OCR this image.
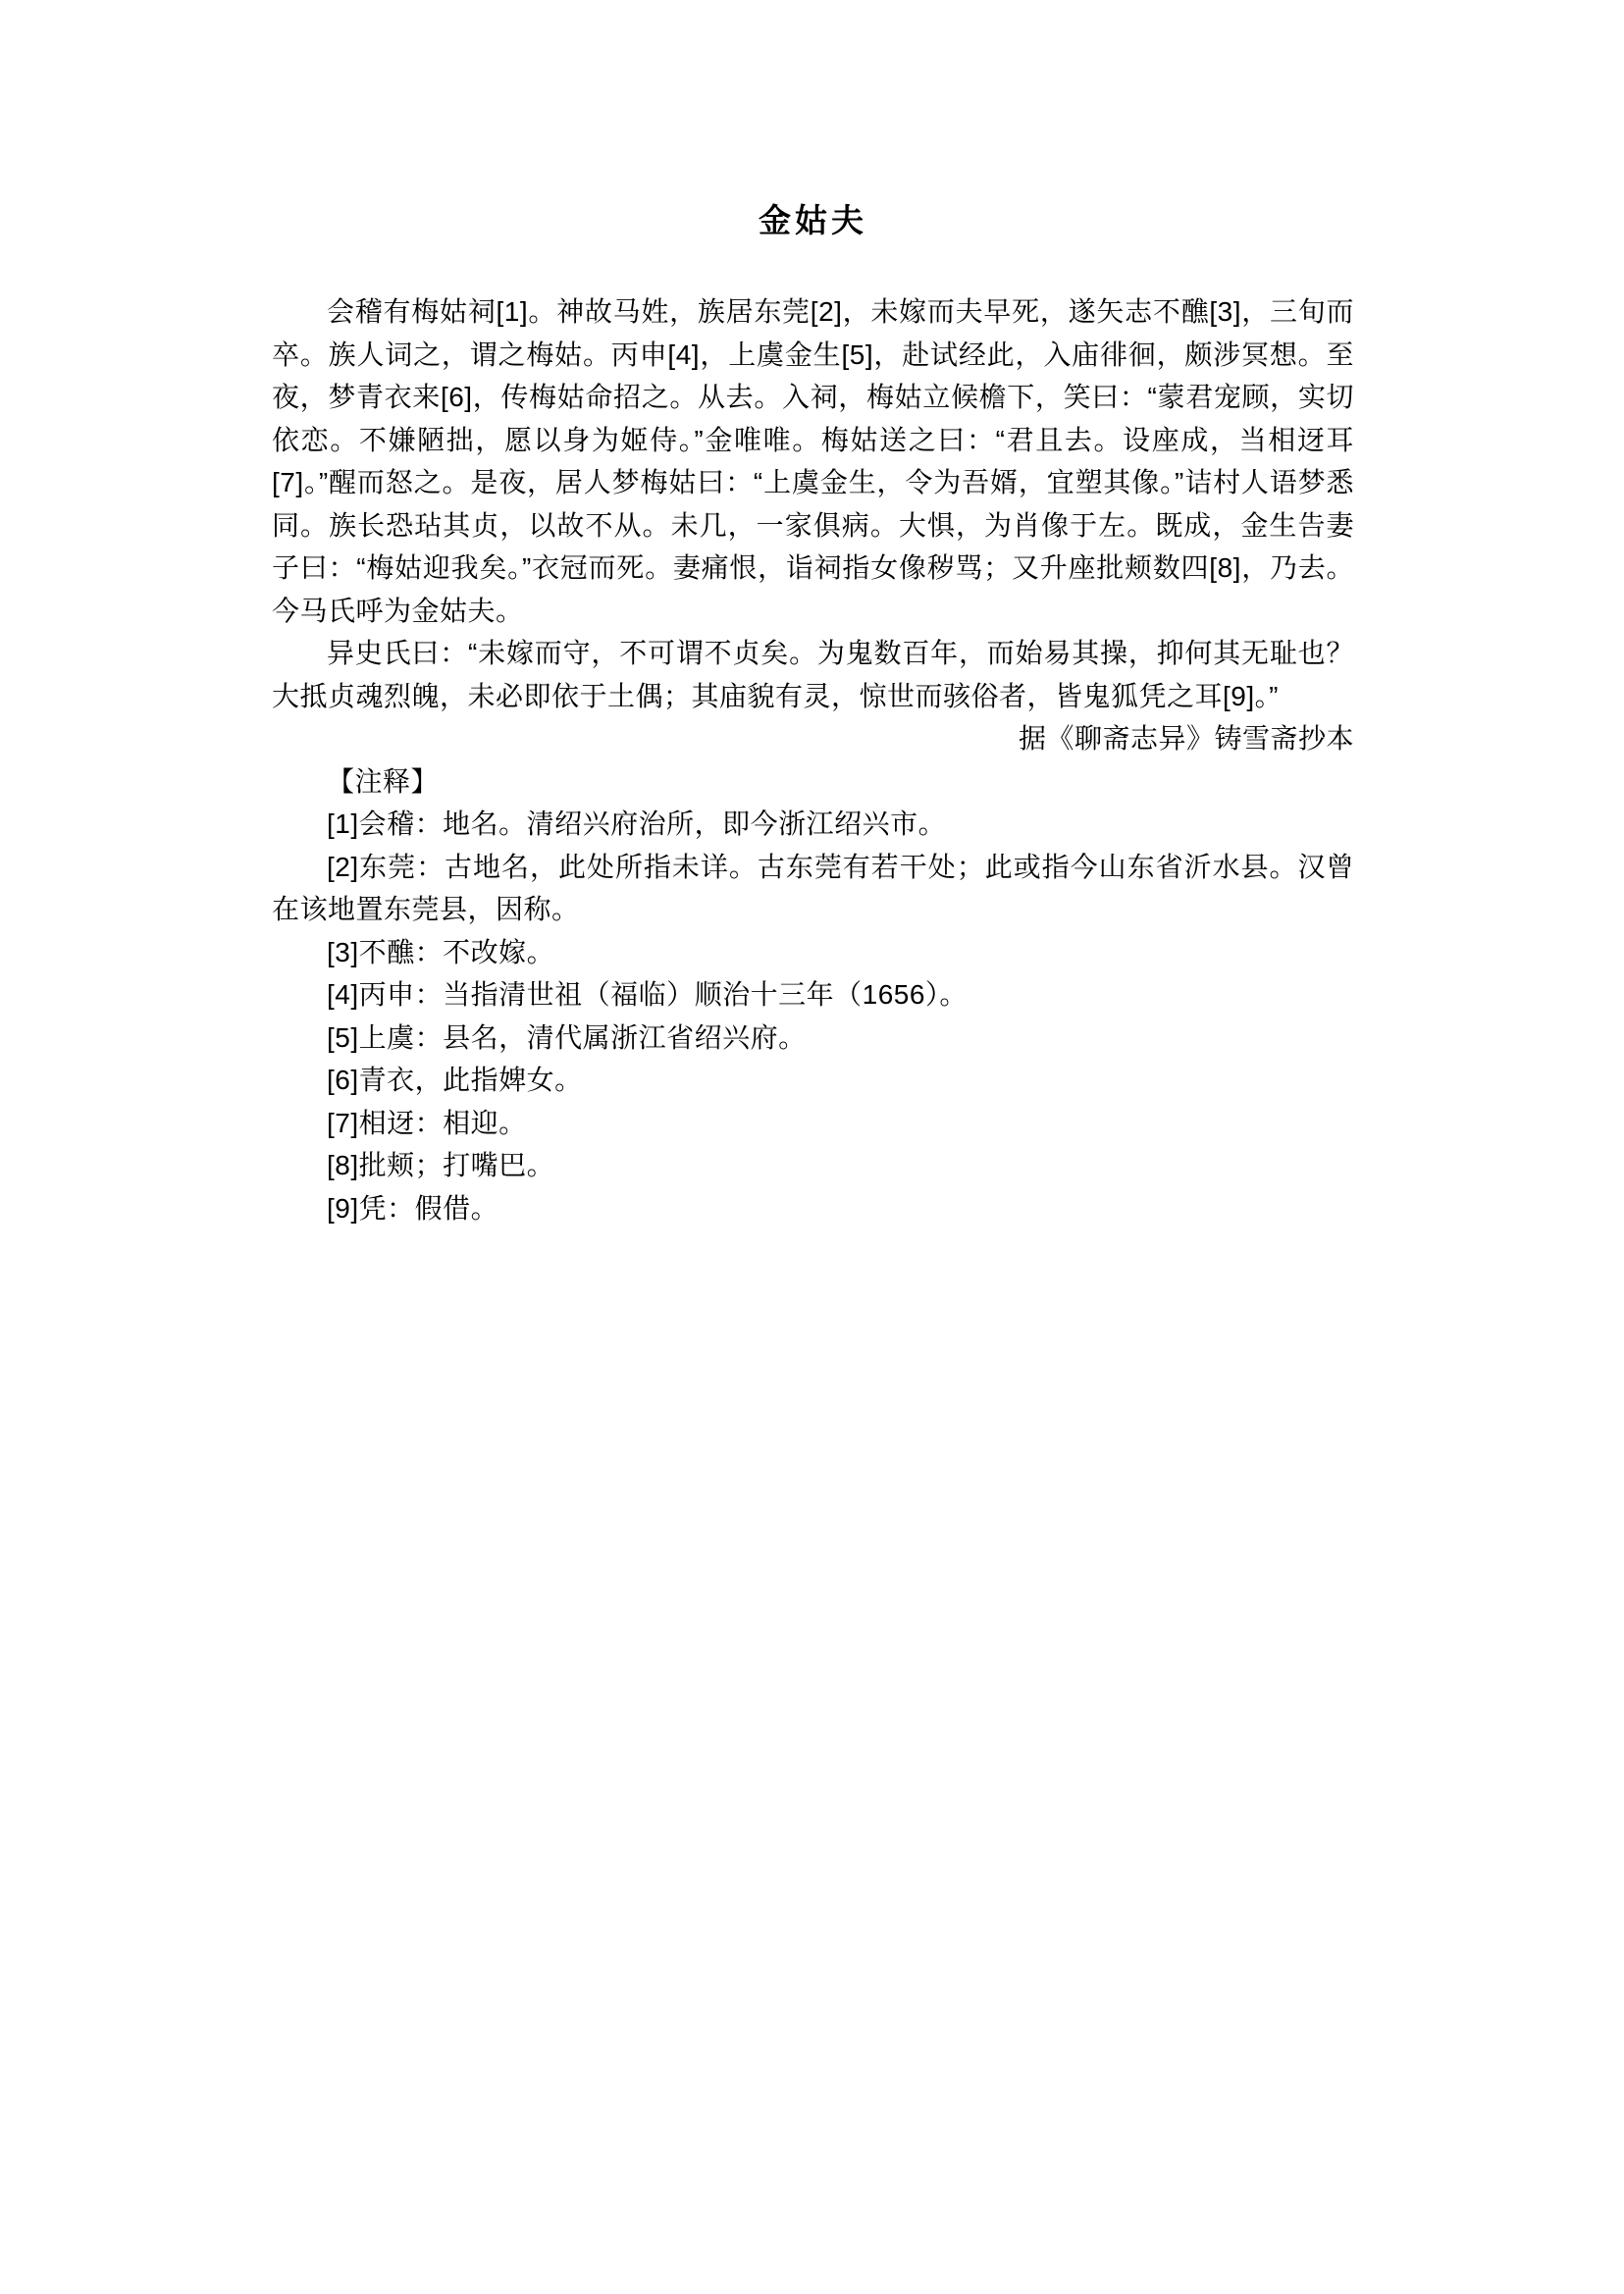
金姑夫

会稽有梅姑祠[1]。神故马姓，族居东莞[2]，未嫁而夫早死，遂矢志不醮[3]，三旬而卒。族人词之，谓之梅姑。丙申[4]，上虞金生[5]，赴试经此，入庙徘徊，颇涉冥想。至夜，梦青衣来[6]，传梅姑命招之。从去。入祠，梅姑立候檐下，笑曰：“蒙君宠顾，实切依恋。不嫌陋拙，愿以身为姬侍。”金唯唯。梅姑送之曰：“君且去。设座成，当相迓耳[7]。”醒而怒之。是夜，居人梦梅姑曰：“上虞金生，令为吾婿，宜塑其像。”诘村人语梦悉同。族长恐玷其贞，以故不从。未几，一家俱病。大惧，为肖像于左。既成，金生告妻子曰：“梅姑迎我矣。”衣冠而死。妻痛恨，诣祠指女像秽骂；又升座批颊数四[8]，乃去。今马氏呼为金姑夫。

异史氏曰：“未嫁而守，不可谓不贞矣。为鬼数百年，而始易其操，抑何其无耻也？大抵贞魂烈魄，未必即依于土偶；其庙貌有灵，惊世而骇俗者，皆鬼狐凭之耳[9]。”

据《聊斋志异》铸雪斋抄本

【注释】

[1]会稽：地名。清绍兴府治所，即今浙江绍兴市。
[2]东莞：古地名，此处所指未详。古东莞有若干处；此或指今山东省沂水县。汉曾在该地置东莞县，因称。
[3]不醮：不改嫁。
[4]丙申：当指清世祖（福临）顺治十三年（1656）。
[5]上虞：县名，清代属浙江省绍兴府。
[6]青衣，此指婢女。
[7]相迓：相迎。
[8]批颊；打嘴巴。
[9]凭：假借。
